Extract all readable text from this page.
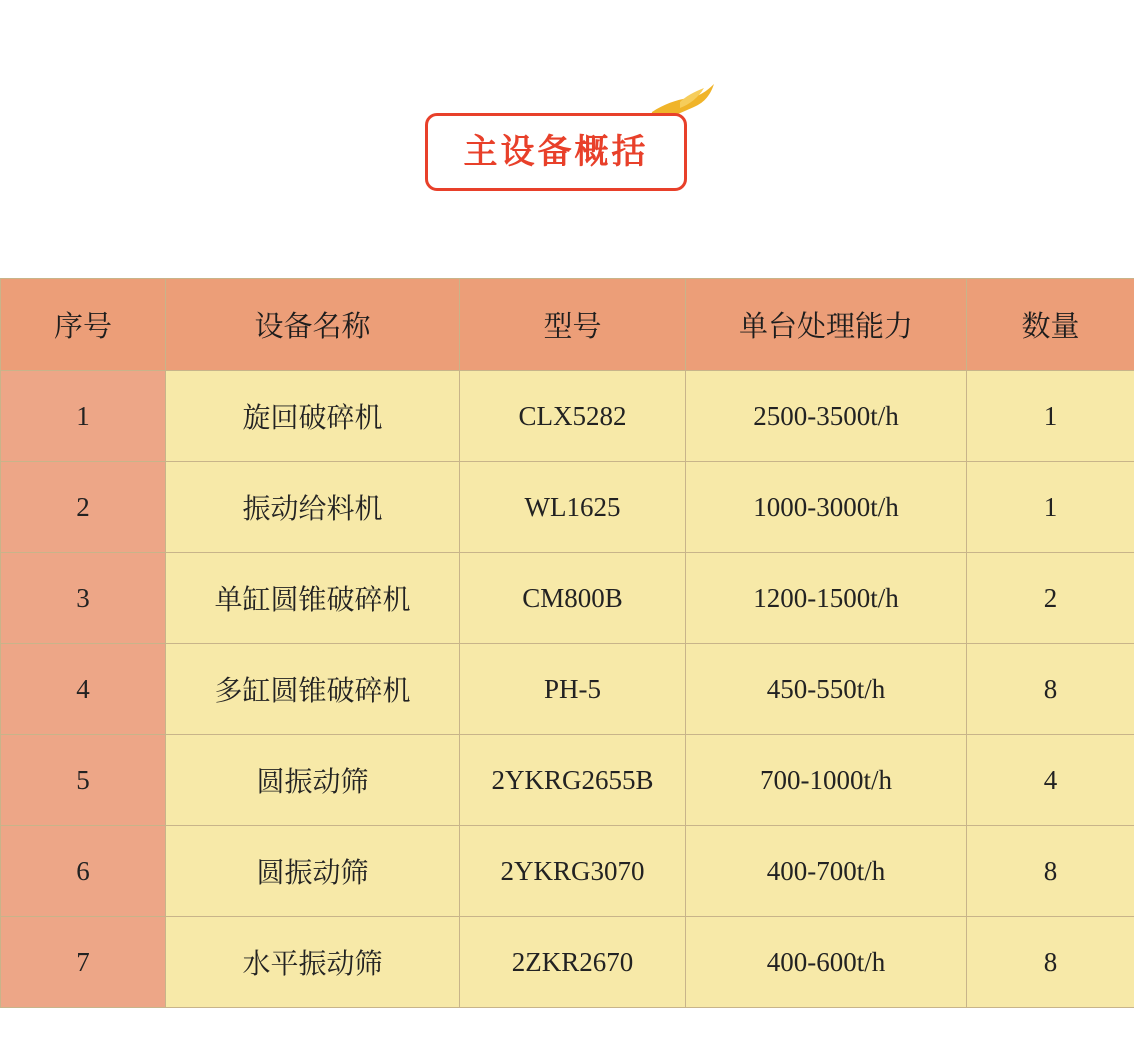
主设备概括
序号	设备名称	型号	单台处理能力	数量
1	旋回破碎机	CLX5282	2500-3500t/h	1
2	振动给料机	WL1625	1000-3000t/h	1
3	单缸圆锥破碎机	CM800B	1200-1500t/h	2
4	多缸圆锥破碎机	PH-5	450-550t/h	8
5	圆振动筛	2YKRG2655B	700-1000t/h	4
6	圆振动筛	2YKRG3070	400-700t/h	8
7	水平振动筛	2ZKR2670	400-600t/h	8
